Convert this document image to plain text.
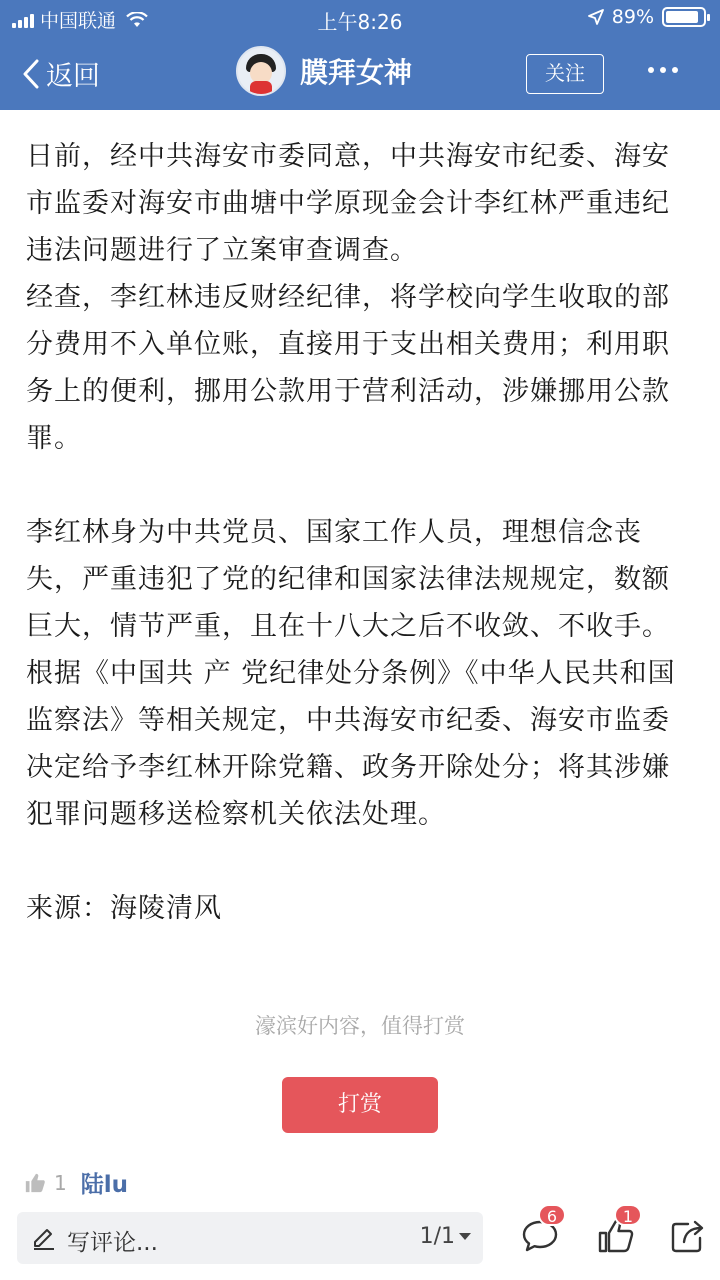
中国联通	上午8:26	89%
返回	膜拜女神	关注

日前，经中共海安市委同意，中共海安市纪委、海安市监委对海安市曲塘中学原现金会计李红林严重违纪违法问题进行了立案审查调查。

经查，李红林违反财经纪律，将学校向学生收取的部分费用不入单位账，直接用于支出相关费用；利用职务上的便利，挪用公款用于营利活动，涉嫌挪用公款罪。

李红林身为中共党员、国家工作人员，理想信念丧失，严重违犯了党的纪律和国家法律法规规定，数额巨大，情节严重，且在十八大之后不收敛、不收手。根据《中国共 产 党纪律处分条例》《中华人民共和国监察法》等相关规定，中共海安市纪委、海安市监委决定给予李红林开除党籍、政务开除处分；将其涉嫌犯罪问题移送检察机关依法处理。

来源：海陵清风

濠滨好内容，值得打赏
打赏
1 陆lu
写评论...	1/1
6	1
